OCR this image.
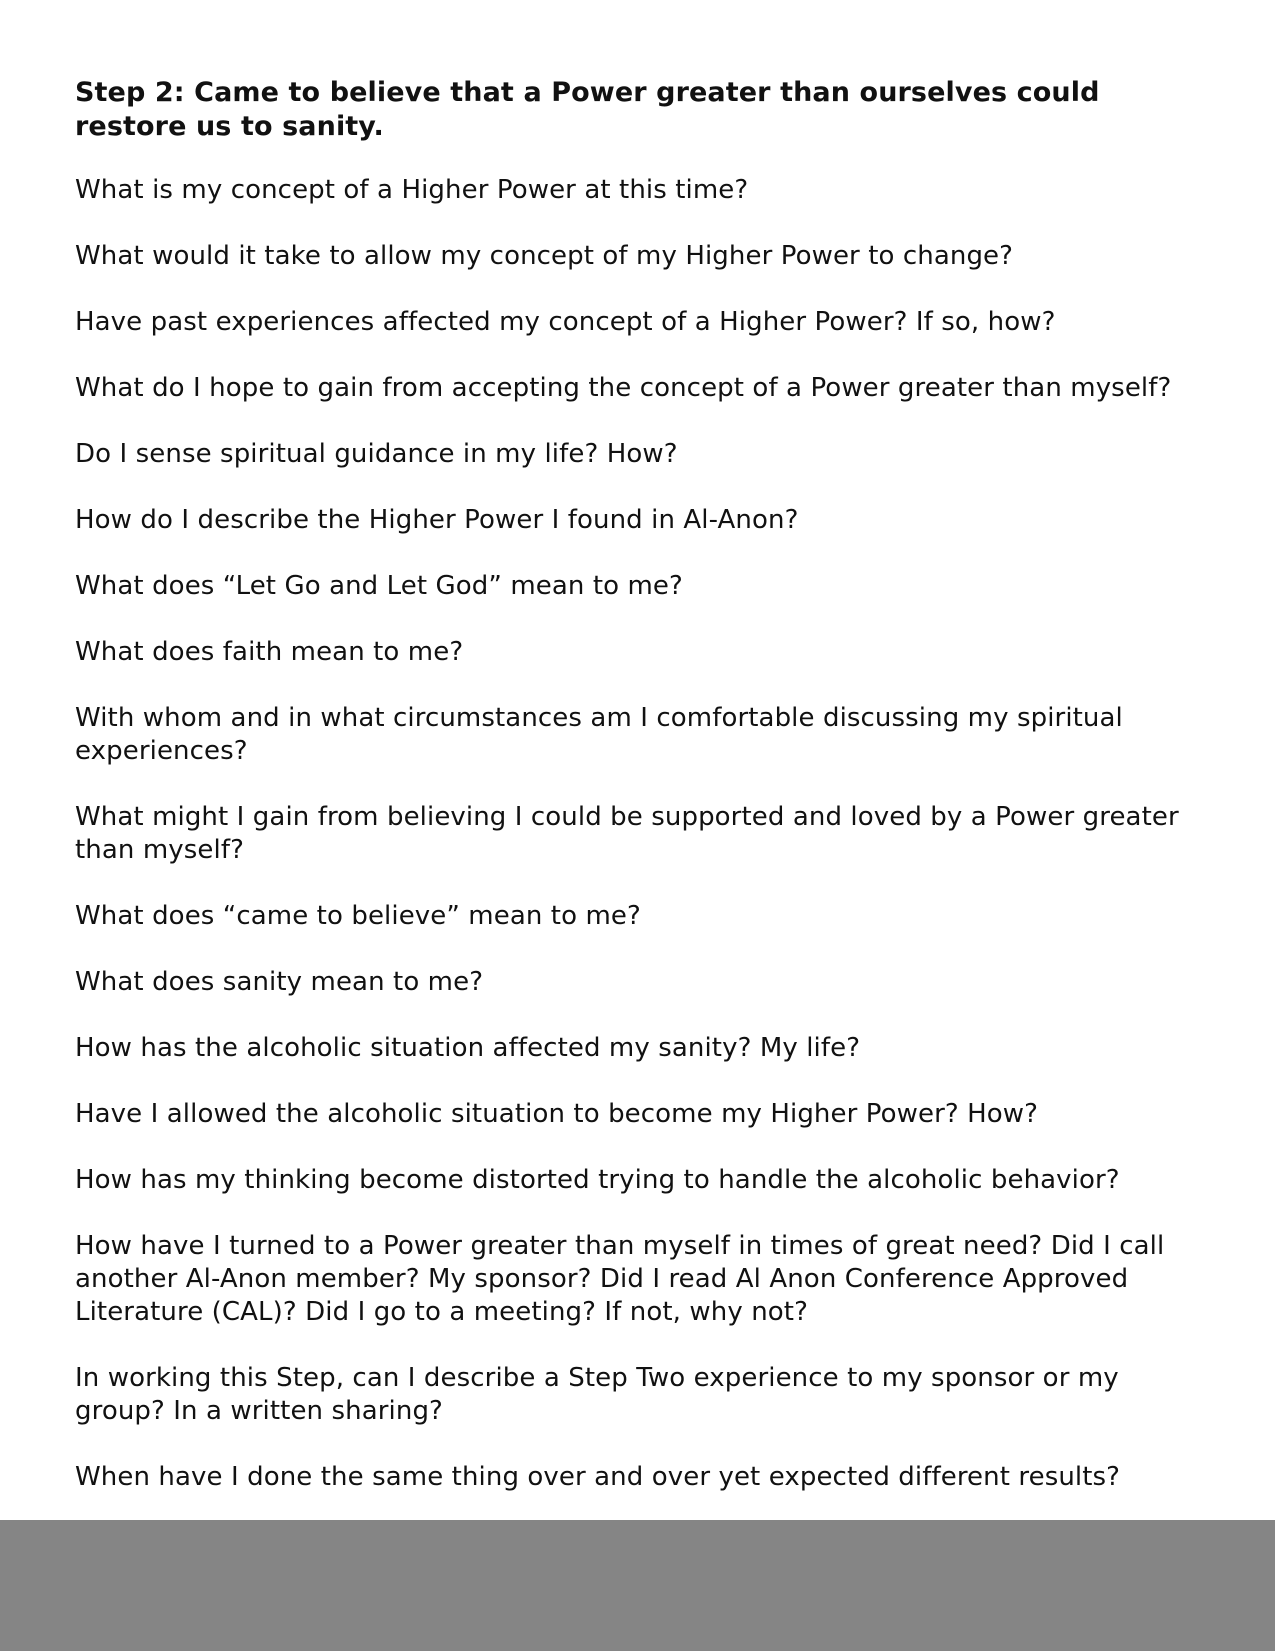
Step 2: Came to believe that a Power greater than ourselves could restore us to sanity.
What is my concept of a Higher Power at this time?
What would it take to allow my concept of my Higher Power to change?
Have past experiences affected my concept of a Higher Power? If so, how?
What do I hope to gain from accepting the concept of a Power greater than myself?
Do I sense spiritual guidance in my life? How?
How do I describe the Higher Power I found in Al-Anon?
What does “Let Go and Let God” mean to me?
What does faith mean to me?
With whom and in what circumstances am I comfortable discussing my spiritual experiences?
What might I gain from believing I could be supported and loved by a Power greater than myself?
What does “came to believe” mean to me?
What does sanity mean to me?
How has the alcoholic situation affected my sanity? My life?
Have I allowed the alcoholic situation to become my Higher Power? How?
How has my thinking become distorted trying to handle the alcoholic behavior?
How have I turned to a Power greater than myself in times of great need? Did I call another Al-Anon member? My sponsor? Did I read Al Anon Conference Approved Literature (CAL)? Did I go to a meeting? If not, why not?
In working this Step, can I describe a Step Two experience to my sponsor or my group? In a written sharing?
When have I done the same thing over and over yet expected different results?
